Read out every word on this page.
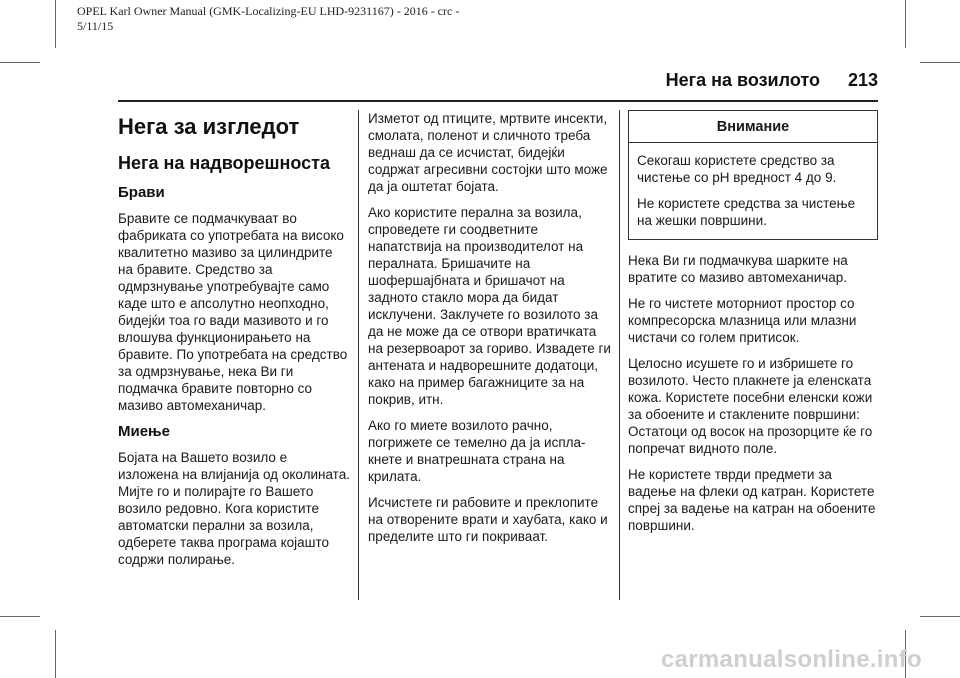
OPEL Karl Owner Manual (GMK-Localizing-EU LHD-9231167) - 2016 - crc -
5/11/15
Нега на возилото 213
Нега за изгледот
Нега на надворешноста
Брави

Бравите се подмачкуваат во фабриката со употребата на високо квалитетно мазиво за цилиндрите на бравите. Средство за одмрзнување употребувајте само каде што е апсолутно неопходно, бидејќи тоа го вади мазивото и го влошува функционирањето на бравите. По употребата на средство за одмрзнување, нека Ви ги подмачка бравите повторно со мазиво автомеханичар.

Миење

Бојата на Вашето возило е изложена на влијанија од околината. Мијте го и полирајте го Вашето возило редовно. Кога користите автоматски перални за возила, одберете таква програма којашто содржи полирање.

Изметот од птиците, мртвите инсекти, смолата, поленот и сличното треба веднаш да се исчистат, бидејќи содржат агресивни состојки што може да ја оштетат бојата.

Ако користите перална за возила, спроведете ги соодветните напатствија на производителот на пералната. Бришачите на шофершајбната и бришачот на задното стакло мора да бидат исклучени. Заклучете го возилото за да не може да се отвори вратичката на резервоарот за гориво. Извадете ги антената и надворешните додатоци, како на пример багажниците за на покрив, итн.

Ако го миете возилото рачно, погрижете се темелно да ја исплакнете и внатрешната страна на крилата.

Исчистете ги рабовите и преклопите на отворените врати и хаубата, како и пределите што ги покриваат.

Внимание

Секогаш користете средство за чистење со pH вредност 4 до 9.

Не користете средства за чистење на жешки површини.

Нека Ви ги подмачкува шарките на вратите со мазиво автомеханичар.

Не го чистете моторниот простор со компресорска млазница или млазни чистачи со голем притисок.

Целосно исушете го и избришете го возилото. Често плакнете ја еленската кожа. Користете посебни еленски кожи за обоените и стаклените површини: Остатоци од восок на прозорците ќе го попречат видното поле.

Не користете тврди предмети за вадење на флеки од катран. Користете спреј за вадење на катран на обоените површини.

carmanualsonline.info
